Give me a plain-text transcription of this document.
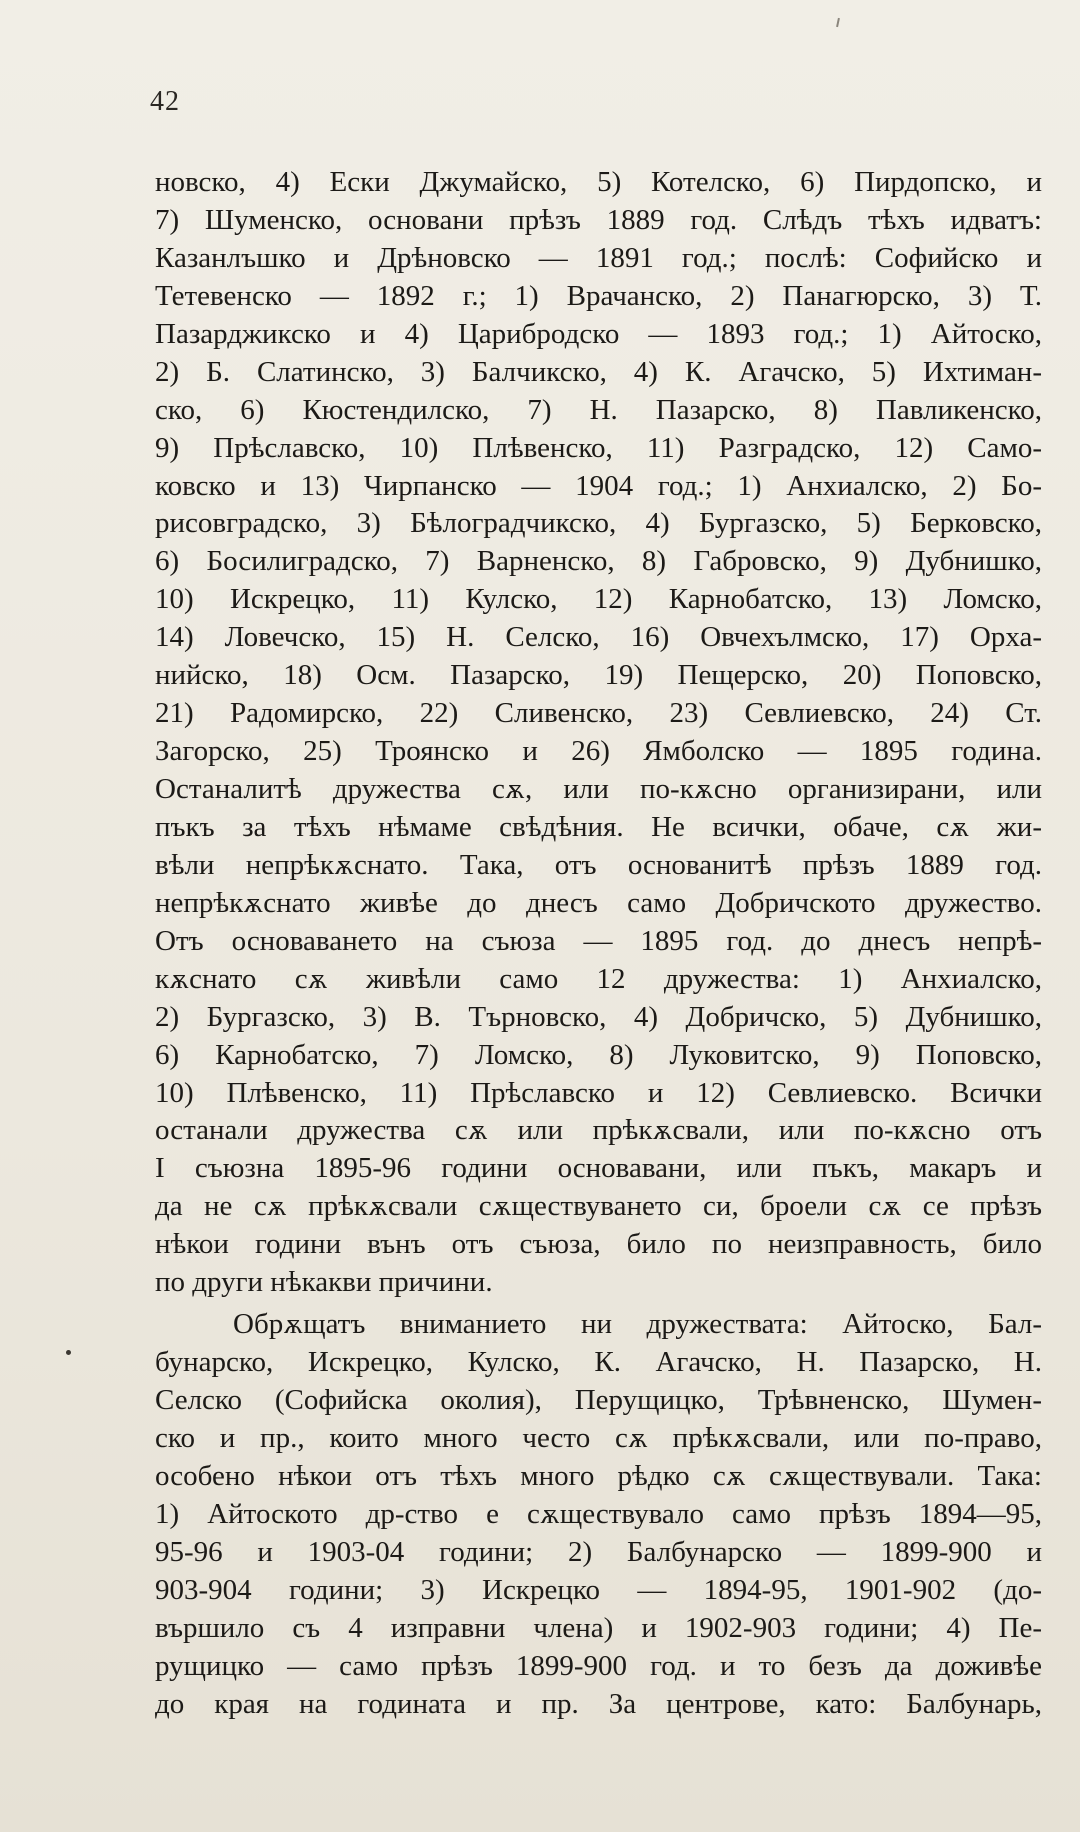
42
новско, 4) Ески Джумайско, 5) Котелско, 6) Пирдопско, и
7) Шуменско, основани прѣзъ 1889 год. Слѣдъ тѣхъ идватъ:
Казанлъшко и Дрѣновско — 1891 год.; послѣ: Софийско и
Тетевенско — 1892 г.; 1) Врачанско, 2) Панагюрско, 3) Т.
Пазарджикско и 4) Царибродско — 1893 год.; 1) Айтоско,
2) Б. Слатинско, 3) Балчикско, 4) К. Агачско, 5) Ихтиман-
ско, 6) Кюстендилско, 7) Н. Пазарско, 8) Павликенско,
9) Прѣславско, 10) Плѣвенско, 11) Разградско, 12) Само-
ковско и 13) Чирпанско — 1904 год.; 1) Анхиалско, 2) Бо-
рисовградско, 3) Бѣлоградчикско, 4) Бургазско, 5) Берковско,
6) Босилиградско, 7) Варненско, 8) Габровско, 9) Дубнишко,
10) Искрецко, 11) Кулско, 12) Карнобатско, 13) Ломско,
14) Ловечско, 15) Н. Селско, 16) Овчехълмско, 17) Орха-
нийско, 18) Осм. Пазарско, 19) Пещерско, 20) Поповско,
21) Радомирско, 22) Сливенско, 23) Севлиевско, 24) Ст.
Загорско, 25) Троянско и 26) Ямболско — 1895 година.
Останалитѣ дружества сѫ, или по-кѫсно организирани, или
пъкъ за тѣхъ нѣмаме свѣдѣния. Не всички, обаче, сѫ жи-
вѣли непрѣкѫснато. Така, отъ основанитѣ прѣзъ 1889 год.
непрѣкѫснато живѣе до днесъ само Добричското дружество.
Отъ основаването на съюза — 1895 год. до днесъ непрѣ-
кѫснато сѫ живѣли само 12 дружества: 1) Анхиалско,
2) Бургазско, 3) В. Търновско, 4) Добричско, 5) Дубнишко,
6) Карнобатско, 7) Ломско, 8) Луковитско, 9) Поповско,
10) Плѣвенско, 11) Прѣславско и 12) Севлиевско. Всички
останали дружества сѫ или прѣкѫсвали, или по-кѫсно отъ
I съюзна 1895-96 години основавани, или пъкъ, макаръ и
да не сѫ прѣкѫсвали сѫществуването си, броели сѫ се прѣзъ
нѣкои години вънъ отъ съюза, било по неизправность, било
по други нѣкакви причини.
Обрѫщатъ вниманието ни дружествата: Айтоско, Бал-
бунарско, Искрецко, Кулско, К. Агачско, Н. Пазарско, Н.
Селско (Софийска околия), Перущицко, Трѣвненско, Шумен-
ско и пр., които много често сѫ прѣкѫсвали, или по-право,
особено нѣкои отъ тѣхъ много рѣдко сѫ сѫществували. Така:
1) Айтоското др-ство е сѫществувало само прѣзъ 1894—95,
95-96 и 1903-04 години; 2) Балбунарско — 1899-900 и
903-904 години; 3) Искрецко — 1894-95, 1901-902 (до-
вършило съ 4 изправни члена) и 1902-903 години; 4) Пе-
рущицко — само прѣзъ 1899-900 год. и то безъ да доживѣе
до края на годината и пр. За центрове, като: Балбунарь,
